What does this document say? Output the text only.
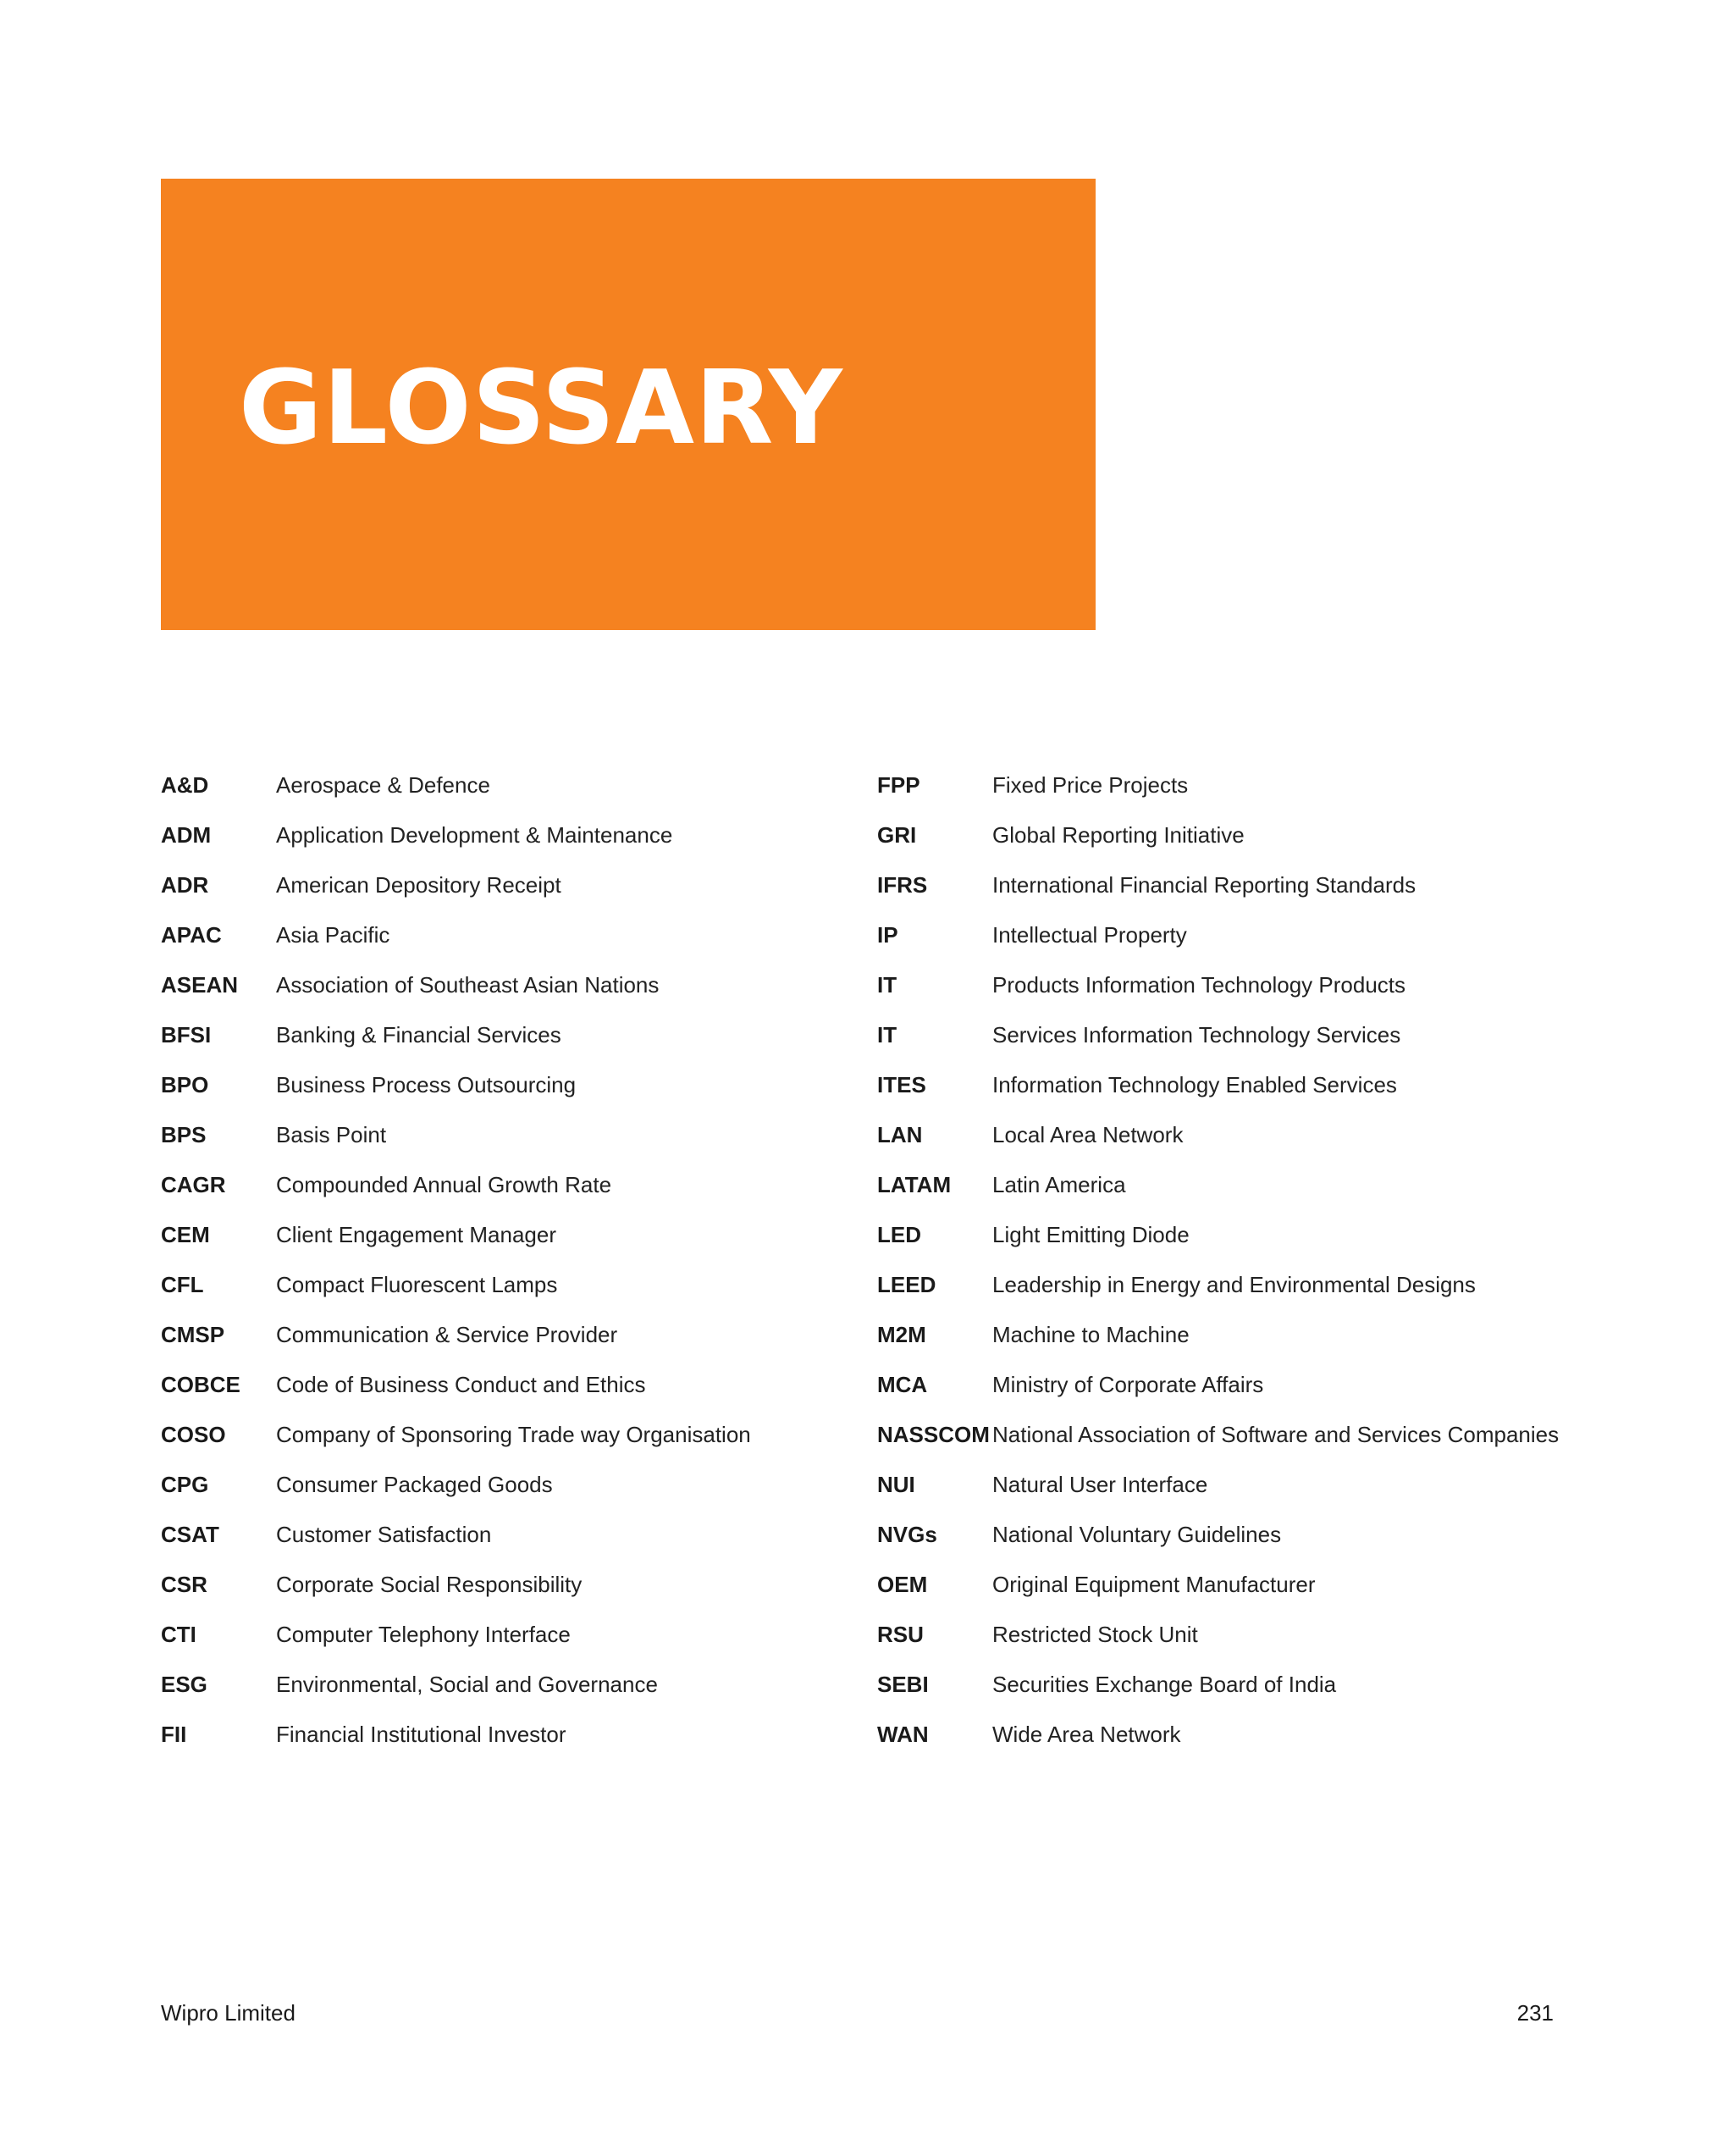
GLOSSARY
A&D	Aerospace & Defence
ADM	Application Development & Maintenance
ADR	American Depository Receipt
APAC	Asia Pacific
ASEAN	Association of Southeast Asian Nations
BFSI	Banking & Financial Services
BPO	Business Process Outsourcing
BPS	Basis Point
CAGR	Compounded Annual Growth Rate
CEM	Client Engagement Manager
CFL	Compact Fluorescent Lamps
CMSP	Communication & Service Provider
COBCE	Code of Business Conduct and Ethics
COSO	Company of Sponsoring Trade way Organisation
CPG	Consumer Packaged Goods
CSAT	Customer Satisfaction
CSR	Corporate Social Responsibility
CTI	Computer Telephony Interface
ESG	Environmental, Social and Governance
FII	Financial Institutional Investor
FPP	Fixed Price Projects
GRI	Global Reporting Initiative
IFRS	International Financial Reporting Standards
IP	Intellectual Property
IT	Products Information Technology Products
IT	Services Information Technology Services
ITES	Information Technology Enabled Services
LAN	Local Area Network
LATAM	Latin America
LED	Light Emitting Diode
LEED	Leadership in Energy and Environmental Designs
M2M	Machine to Machine
MCA	Ministry of Corporate Affairs
NASSCOM National Association of Software and Services Companies
NUI	Natural User Interface
NVGs	National Voluntary Guidelines
OEM	Original Equipment Manufacturer
RSU	Restricted Stock Unit
SEBI	Securities Exchange Board of India
WAN	Wide Area Network
Wipro Limited	231
